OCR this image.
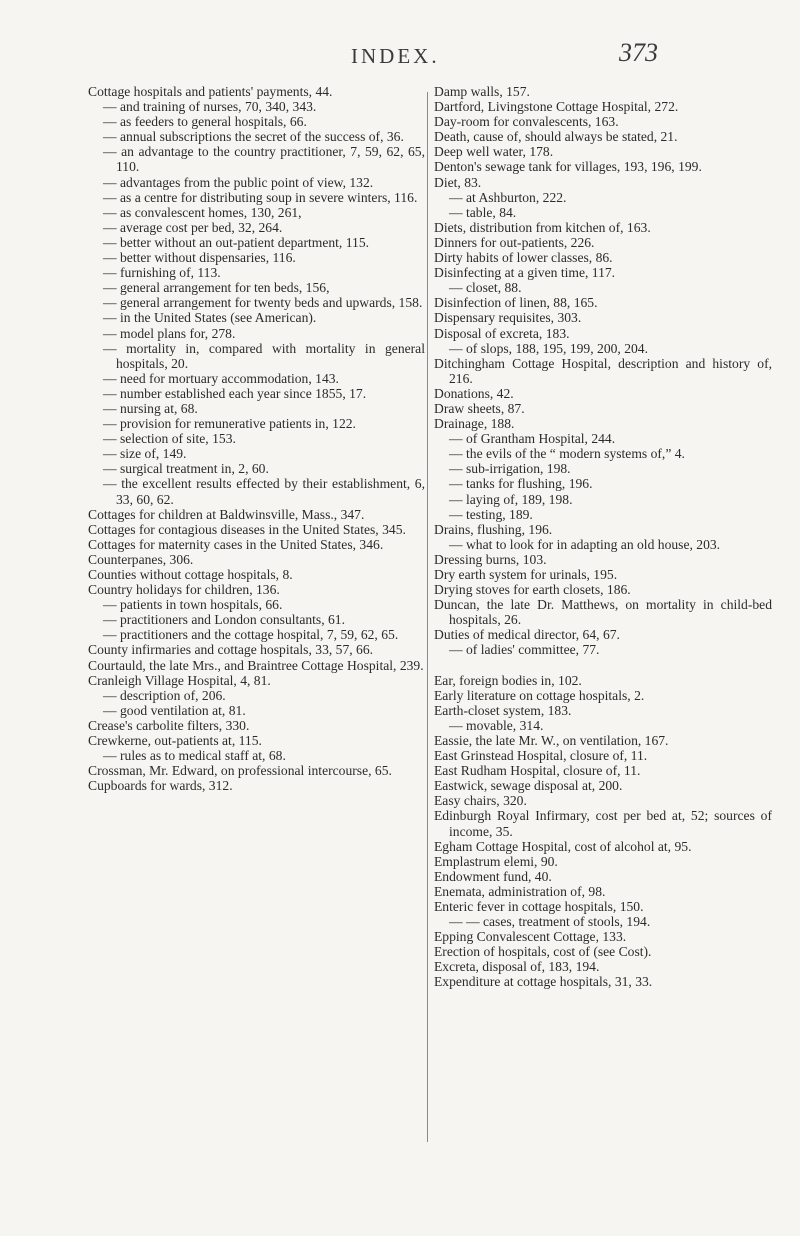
INDEX.	373
Cottage hospitals and patients' payments, 44.
— and training of nurses, 70, 340, 343.
— as feeders to general hospitals, 66.
— annual subscriptions the secret of the success of, 36.
— an advantage to the country practitioner, 7, 59, 62, 65, 110.
— advantages from the public point of view, 132.
— as a centre for distributing soup in severe winters, 116.
— as convalescent homes, 130, 261,
— average cost per bed, 32, 264.
— better without an out-patient department, 115.
— better without dispensaries, 116.
— furnishing of, 113.
— general arrangement for ten beds, 156,
— general arrangement for twenty beds and upwards, 158.
— in the United States (see American).
— model plans for, 278.
— mortality in, compared with mortality in general hospitals, 20.
— need for mortuary accommodation, 143.
— number established each year since 1855, 17.
— nursing at, 68.
— provision for remunerative patients in, 122.
— selection of site, 153.
— size of, 149.
— surgical treatment in, 2, 60.
— the excellent results effected by their establishment, 6, 33, 60, 62.
Cottages for children at Baldwinsville, Mass., 347.
Cottages for contagious diseases in the United States, 345.
Cottages for maternity cases in the United States, 346.
Counterpanes, 306.
Counties without cottage hospitals, 8.
Country holidays for children, 136.
— patients in town hospitals, 66.
— practitioners and London consultants, 61.
— practitioners and the cottage hospital, 7, 59, 62, 65.
County infirmaries and cottage hospitals, 33, 57, 66.
Courtauld, the late Mrs., and Braintree Cottage Hospital, 239.
Cranleigh Village Hospital, 4, 81.
— description of, 206.
— good ventilation at, 81.
Crease's carbolite filters, 330.
Crewkerne, out-patients at, 115.
— rules as to medical staff at, 68.
Crossman, Mr. Edward, on professional intercourse, 65.
Cupboards for wards, 312.
Damp walls, 157.
Dartford, Livingstone Cottage Hospital, 272.
Day-room for convalescents, 163.
Death, cause of, should always be stated, 21.
Deep well water, 178.
Denton's sewage tank for villages, 193, 196, 199.
Diet, 83.
— at Ashburton, 222.
— table, 84.
Diets, distribution from kitchen of, 163.
Dinners for out-patients, 226.
Dirty habits of lower classes, 86.
Disinfecting at a given time, 117.
— closet, 88.
Disinfection of linen, 88, 165.
Dispensary requisites, 303.
Disposal of excreta, 183.
— of slops, 188, 195, 199, 200, 204.
Ditchingham Cottage Hospital, description and history of, 216.
Donations, 42.
Draw sheets, 87.
Drainage, 188.
— of Grantham Hospital, 244.
— the evils of the “ modern systems of,” 4.
— sub-irrigation, 198.
— tanks for flushing, 196.
— laying of, 189, 198.
— testing, 189.
Drains, flushing, 196.
— what to look for in adapting an old house, 203.
Dressing burns, 103.
Dry earth system for urinals, 195.
Drying stoves for earth closets, 186.
Duncan, the late Dr. Matthews, on mortality in child-bed hospitals, 26.
Duties of medical director, 64, 67.
— of ladies' committee, 77.
Ear, foreign bodies in, 102.
Early literature on cottage hospitals, 2.
Earth-closet system, 183.
— movable, 314.
Eassie, the late Mr. W., on ventilation, 167.
East Grinstead Hospital, closure of, 11.
East Rudham Hospital, closure of, 11.
Eastwick, sewage disposal at, 200.
Easy chairs, 320.
Edinburgh Royal Infirmary, cost per bed at, 52; sources of income, 35.
Egham Cottage Hospital, cost of alcohol at, 95.
Emplastrum elemi, 90.
Endowment fund, 40.
Enemata, administration of, 98.
Enteric fever in cottage hospitals, 150.
— — cases, treatment of stools, 194.
Epping Convalescent Cottage, 133.
Erection of hospitals, cost of (see Cost).
Excreta, disposal of, 183, 194.
Expenditure at cottage hospitals, 31, 33.
